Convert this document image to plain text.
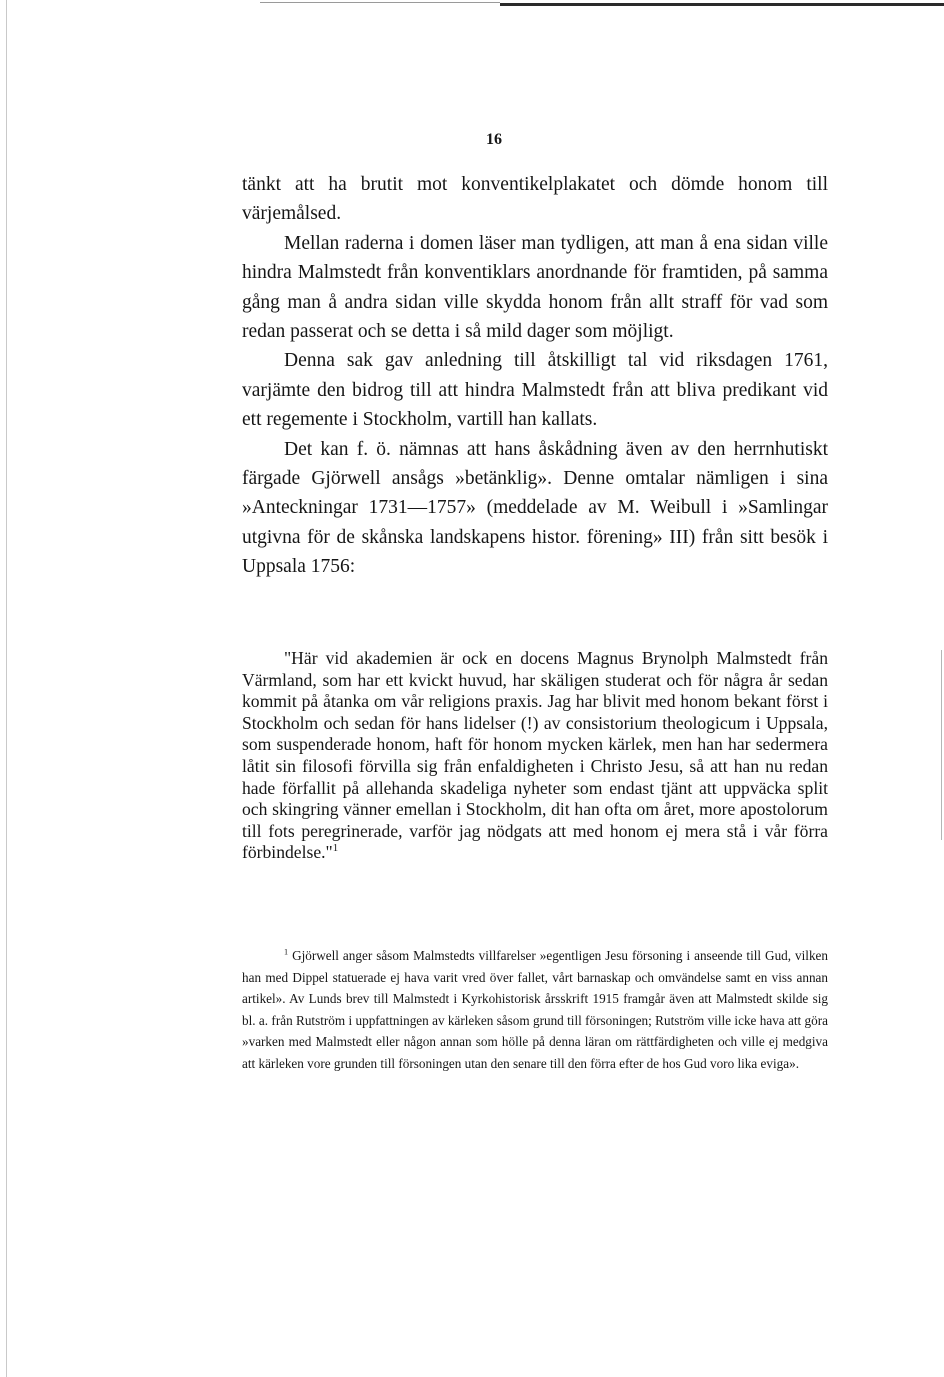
16

tänkt att ha brutit mot konventikelplakatet och dömde honom till värjemålsed.

Mellan raderna i domen läser man tydligen, att man å ena sidan ville hindra Malmstedt från konventiklars anordnande för framtiden, på samma gång man å andra sidan ville skydda honom från allt straff för vad som redan passerat och se detta i så mild dager som möjligt.

Denna sak gav anledning till åtskilligt tal vid riksdagen 1761, varjämte den bidrog till att hindra Malmstedt från att bliva predikant vid ett regemente i Stockholm, vartill han kallats.

Det kan f. ö. nämnas att hans åskådning även av den herrnhutiskt färgade Gjörwell ansågs »betänklig». Denne omtalar nämligen i sina »Anteckningar 1731—1757» (meddelade av M. Weibull i »Samlingar utgivna för de skånska landskapens histor. förening» III) från sitt besök i Uppsala 1756:

"Här vid akademien är ock en docens Magnus Brynolph Malmstedt från Värmland, som har ett kvickt huvud, har skäligen studerat och för några år sedan kommit på åtanka om vår religions praxis. Jag har blivit med honom bekant först i Stockholm och sedan för hans lidelser (!) av consistorium theologicum i Uppsala, som suspenderade honom, haft för honom mycken kärlek, men han har sedermera låtit sin filosofi förvilla sig från enfaldigheten i Christo Jesu, så att han nu redan hade förfallit på allehanda skadeliga nyheter som endast tjänt att uppväcka split och skingring vänner emellan i Stockholm, dit han ofta om året, more apostolorum till fots peregrinerade, varför jag nödgats att med honom ej mera stå i vår förra förbindelse."$^1$

$^1$ Gjörwell anger såsom Malmstedts villfarelser »egentligen Jesu försoning i anseende till Gud, vilken han med Dippel statuerade ej hava varit vred över fallet, vårt barnaskap och omvändelse samt en viss annan artikel». Av Lunds brev till Malmstedt i Kyrkohistorisk årsskrift 1915 framgår även att Malmstedt skilde sig bl. a. från Rutström i uppfattningen av kärleken såsom grund till försoningen; Rutström ville icke hava att göra »varken med Malmstedt eller någon annan som hölle på denna läran om rättfärdigheten och ville ej medgiva att kärleken vore grunden till försoningen utan den senare till den förra efter de hos Gud voro lika eviga».
